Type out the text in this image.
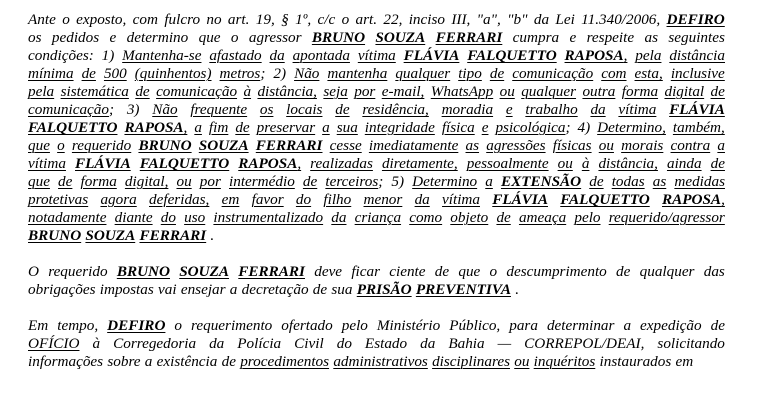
Ante o exposto, com fulcro no art. 19, § 1º, c/c o art. 22, inciso III, "a", "b" da Lei 11.340/2006, DEFIRO
os pedidos e determino que o agressor BRUNO SOUZA FERRARI cumpra e respeite as seguintes
condições: 1) Mantenha-se afastado da apontada vítima FLÁVIA FALQUETTO RAPOSA, pela distância
mínima de 500 (quinhentos) metros; 2) Não mantenha qualquer tipo de comunicação com esta, inclusive
pela sistemática de comunicação à distância, seja por e-mail, WhatsApp ou qualquer outra forma digital de
comunicação; 3) Não frequente os locais de residência, moradia e trabalho da vítima FLÁVIA
FALQUETTO RAPOSA, a fim de preservar a sua integridade física e psicológica; 4) Determino, também,
que o requerido BRUNO SOUZA FERRARI cesse imediatamente as agressões físicas ou morais contra a
vítima FLÁVIA FALQUETTO RAPOSA, realizadas diretamente, pessoalmente ou à distância, ainda de
que de forma digital, ou por intermédio de terceiros; 5) Determino a EXTENSÃO de todas as medidas
protetivas agora deferidas, em favor do filho menor da vítima FLÁVIA FALQUETTO RAPOSA,
notadamente diante do uso instrumentalizado da criança como objeto de ameaça pelo requerido/agressor
BRUNO SOUZA FERRARI .
O requerido BRUNO SOUZA FERRARI deve ficar ciente de que o descumprimento de qualquer das
obrigações impostas vai ensejar a decretação de sua PRISÃO PREVENTIVA .
Em tempo, DEFIRO o requerimento ofertado pelo Ministério Público, para determinar a expedição de
OFÍCIO à Corregedoria da Polícia Civil do Estado da Bahia — CORREPOL/DEAI, solicitando
informações sobre a existência de procedimentos administrativos disciplinares ou inquéritos instaurados em
